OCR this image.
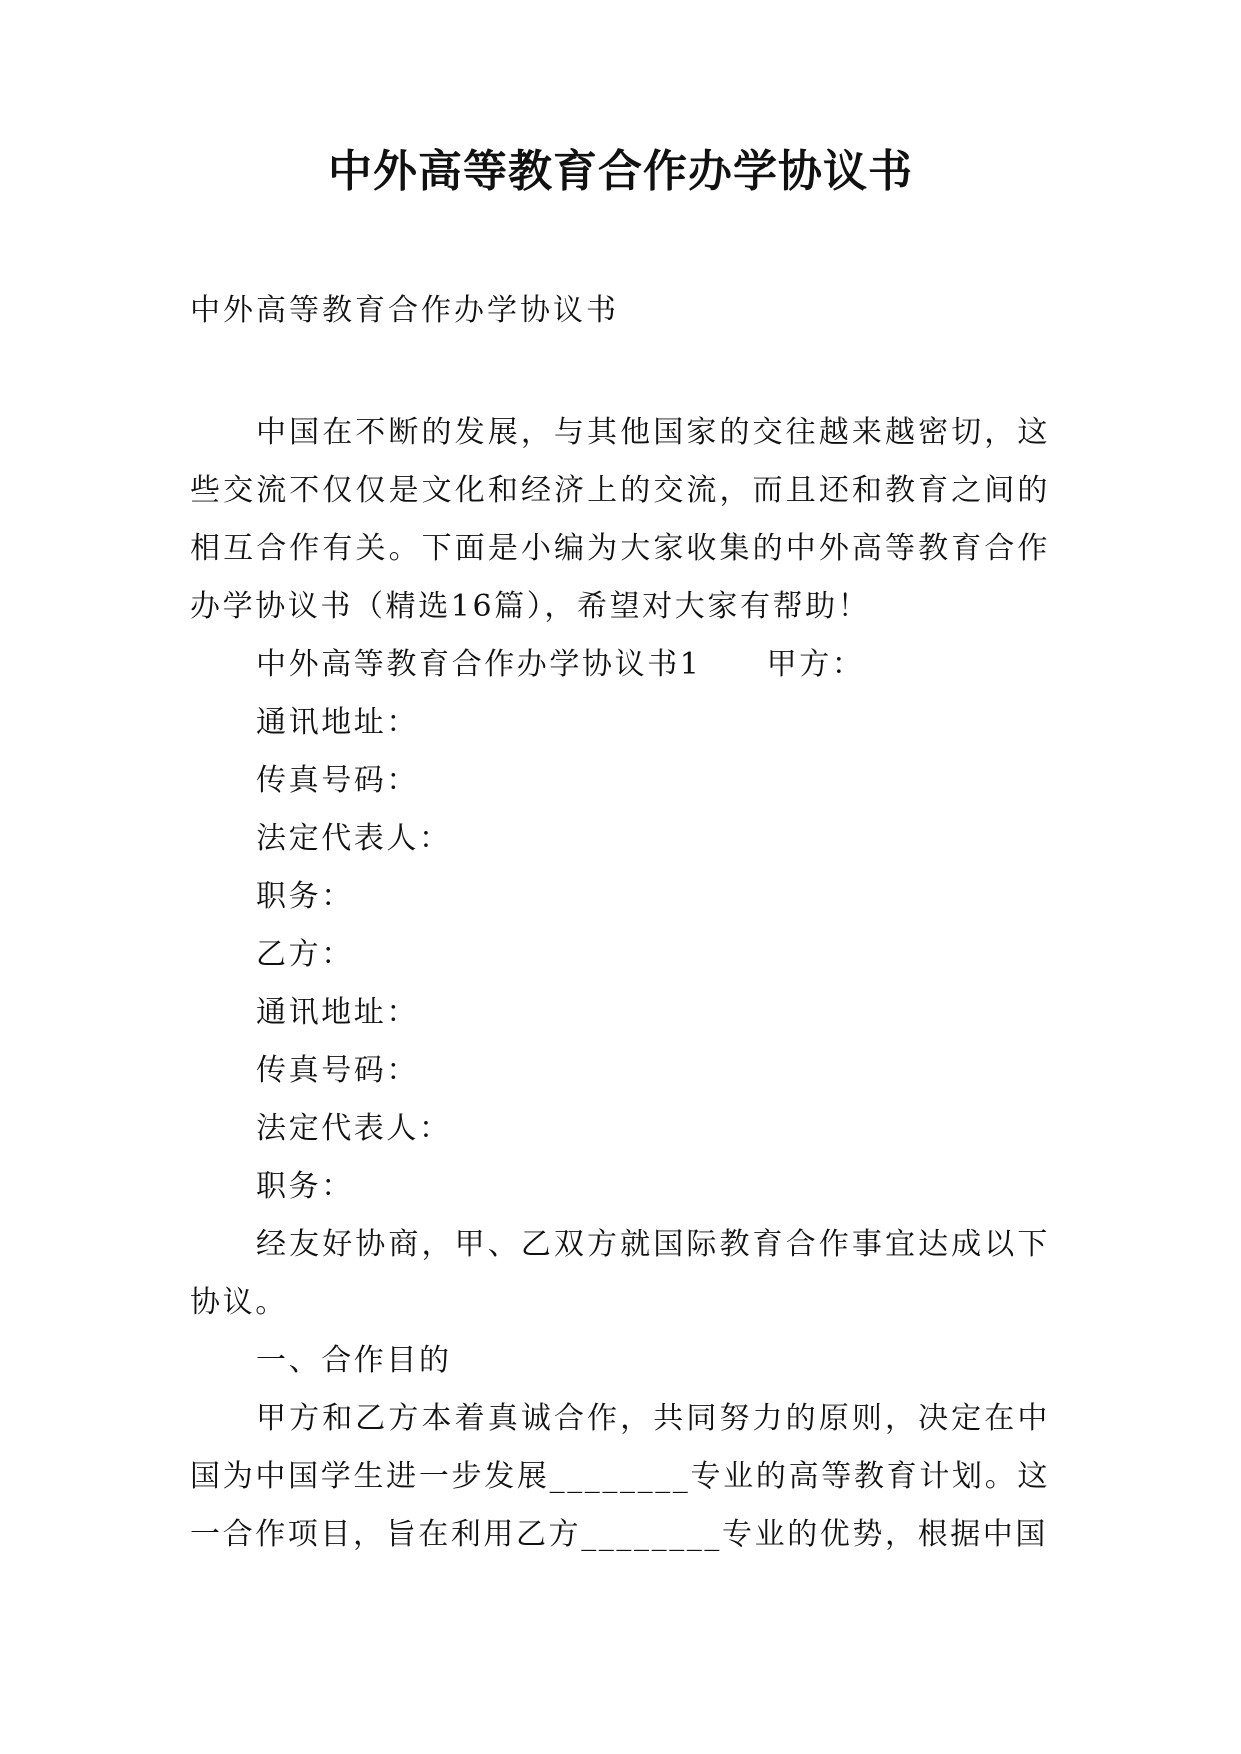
中外高等教育合作办学协议书

中外高等教育合作办学协议书

中国在不断的发展，与其他国家的交往越来越密切，这些交流不仅仅是文化和经济上的交流，而且还和教育之间的相互合作有关。下面是小编为大家收集的中外高等教育合作办学协议书（精选16篇），希望对大家有帮助！

中外高等教育合作办学协议书1　　甲方：

通讯地址：

传真号码：

法定代表人：

职务：

乙方：

通讯地址：

传真号码：

法定代表人：

职务：

经友好协商，甲、乙双方就国际教育合作事宜达成以下协议。

一、合作目的

甲方和乙方本着真诚合作，共同努力的原则，决定在中国为中国学生进一步发展________专业的高等教育计划。这一合作项目，旨在利用乙方________专业的优势，根据中国
